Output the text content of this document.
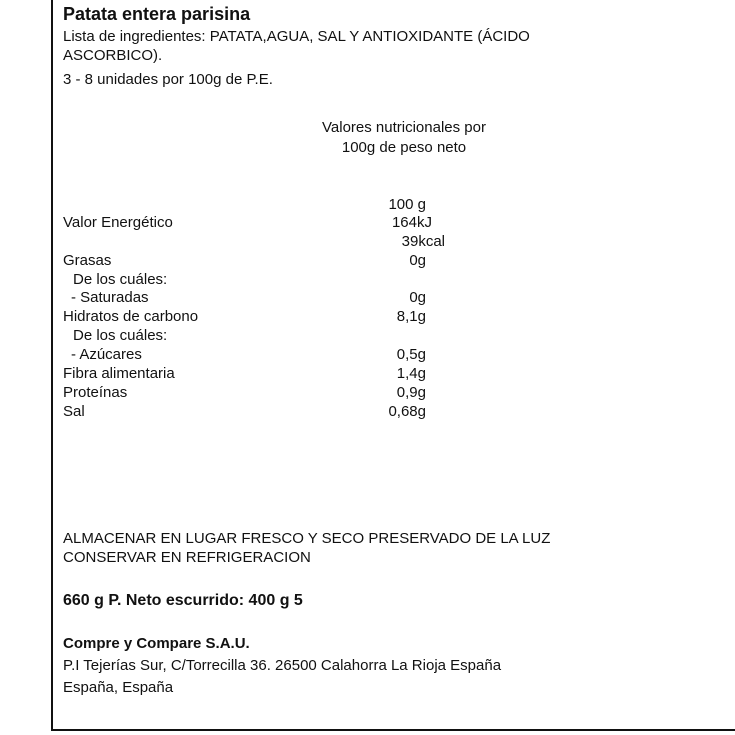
Patata entera parisina
Lista de ingredientes: PATATA,AGUA, SAL Y ANTIOXIDANTE (ÁCIDO
ASCORBICO).
3 - 8 unidades por 100g de P.E.
Valores nutricionales por
100g de peso neto
100 g
Valor Energético	164kJ
39kcal
Grasas	0g
De los cuáles:
- Saturadas	0g
Hidratos de carbono	8,1g
De los cuáles:
- Azúcares	0,5g
Fibra alimentaria	1,4g
Proteínas	0,9g
Sal	0,68g
ALMACENAR EN LUGAR FRESCO Y SECO PRESERVADO DE LA LUZ
CONSERVAR EN REFRIGERACION
660 g P. Neto escurrido: 400 g 5
Compre y Compare S.A.U.
P.I Tejerías Sur, C/Torrecilla 36. 26500 Calahorra La Rioja España
España, España
